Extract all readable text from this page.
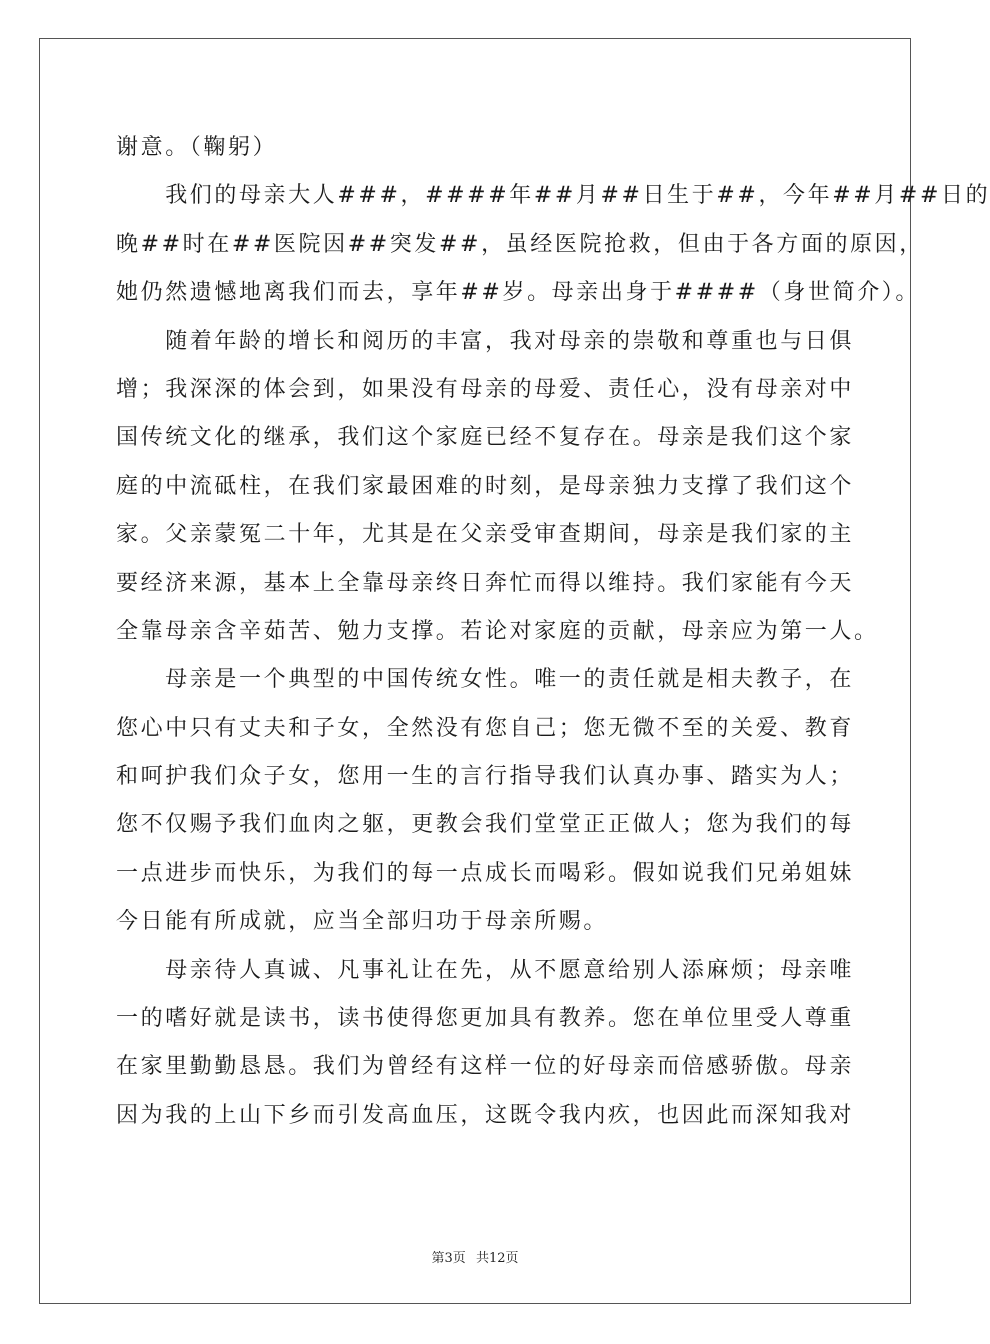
谢意。（鞠躬）
　　我们的母亲大人###，####年##月##日生于##，今年##月##日的
晚##时在##医院因##突发##，虽经医院抢救，但由于各方面的原因，
她仍然遗憾地离我们而去，享年##岁。母亲出身于####（身世简介）。
　　随着年龄的增长和阅历的丰富，我对母亲的崇敬和尊重也与日俱
增；我深深的体会到，如果没有母亲的母爱、责任心，没有母亲对中
国传统文化的继承，我们这个家庭已经不复存在。母亲是我们这个家
庭的中流砥柱，在我们家最困难的时刻，是母亲独力支撑了我们这个
家。父亲蒙冤二十年，尤其是在父亲受审查期间，母亲是我们家的主
要经济来源，基本上全靠母亲终日奔忙而得以维持。我们家能有今天
全靠母亲含辛茹苦、勉力支撑。若论对家庭的贡献，母亲应为第一人。
　　母亲是一个典型的中国传统女性。唯一的责任就是相夫教子，在
您心中只有丈夫和子女，全然没有您自己；您无微不至的关爱、教育
和呵护我们众子女，您用一生的言行指导我们认真办事、踏实为人；
您不仅赐予我们血肉之躯，更教会我们堂堂正正做人；您为我们的每
一点进步而快乐，为我们的每一点成长而喝彩。假如说我们兄弟姐妹
今日能有所成就，应当全部归功于母亲所赐。
　　母亲待人真诚、凡事礼让在先，从不愿意给别人添麻烦；母亲唯
一的嗜好就是读书，读书使得您更加具有教养。您在单位里受人尊重
在家里勤勤恳恳。我们为曾经有这样一位的好母亲而倍感骄傲。母亲
因为我的上山下乡而引发高血压，这既令我内疚，也因此而深知我对
第3页 共12页
